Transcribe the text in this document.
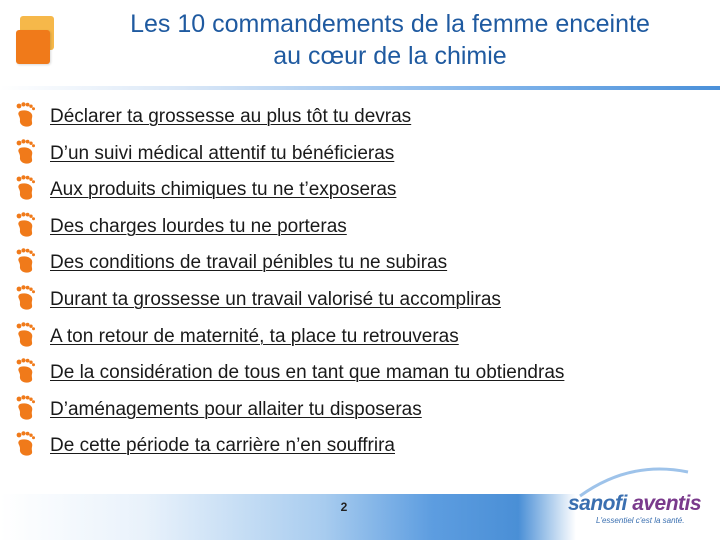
Les 10 commandements de la femme enceinte
au cœur de la chimie
Déclarer ta grossesse au plus tôt tu devras
D’un suivi médical attentif tu bénéficieras
Aux produits chimiques tu ne t’exposeras
Des charges lourdes tu ne porteras
Des conditions de travail pénibles tu ne subiras
Durant ta grossesse un travail valorisé tu accompliras
A ton retour de maternité, ta place tu retrouveras
De la considération de tous en tant que maman tu obtiendras
D’aménagements pour allaiter tu disposeras
De cette période ta carrière n’en souffrira
2	sanofi aventis
L'essentiel c'est la santé.
